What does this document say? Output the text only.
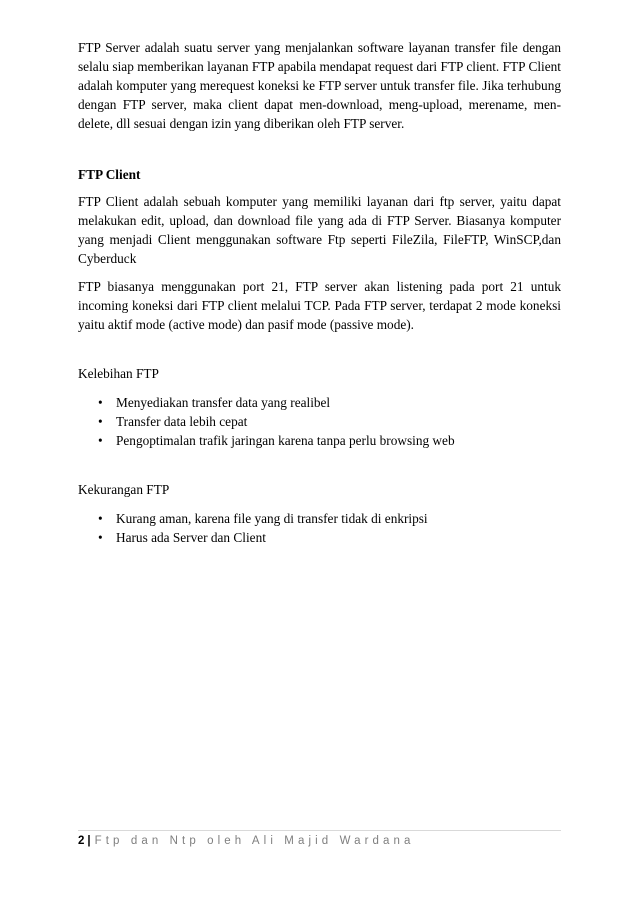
FTP Server adalah suatu server yang menjalankan software layanan transfer file dengan selalu siap memberikan layanan FTP apabila mendapat request dari FTP client. FTP Client adalah komputer yang merequest koneksi ke FTP server untuk transfer file. Jika terhubung dengan FTP server, maka client dapat men-download, meng-upload, merename, men-delete, dll sesuai dengan izin yang diberikan oleh FTP server.

FTP Client

FTP Client adalah sebuah komputer yang memiliki layanan dari ftp server, yaitu dapat melakukan edit, upload, dan download file yang ada di FTP Server. Biasanya komputer yang menjadi Client menggunakan software Ftp seperti FileZila, FileFTP, WinSCP,dan Cyberduck

FTP biasanya menggunakan port 21, FTP server akan listening pada port 21 untuk incoming koneksi dari FTP client melalui TCP. Pada FTP server, terdapat 2 mode koneksi yaitu aktif mode (active mode) dan pasif mode (passive mode).

Kelebihan FTP

• Menyediakan transfer data yang realibel
• Transfer data lebih cepat
• Pengoptimalan trafik jaringan karena tanpa perlu browsing web

Kekurangan FTP

• Kurang aman, karena file yang di transfer tidak di enkripsi
• Harus ada Server dan Client
2 | Ftp dan Ntp oleh Ali Majid Wardana
